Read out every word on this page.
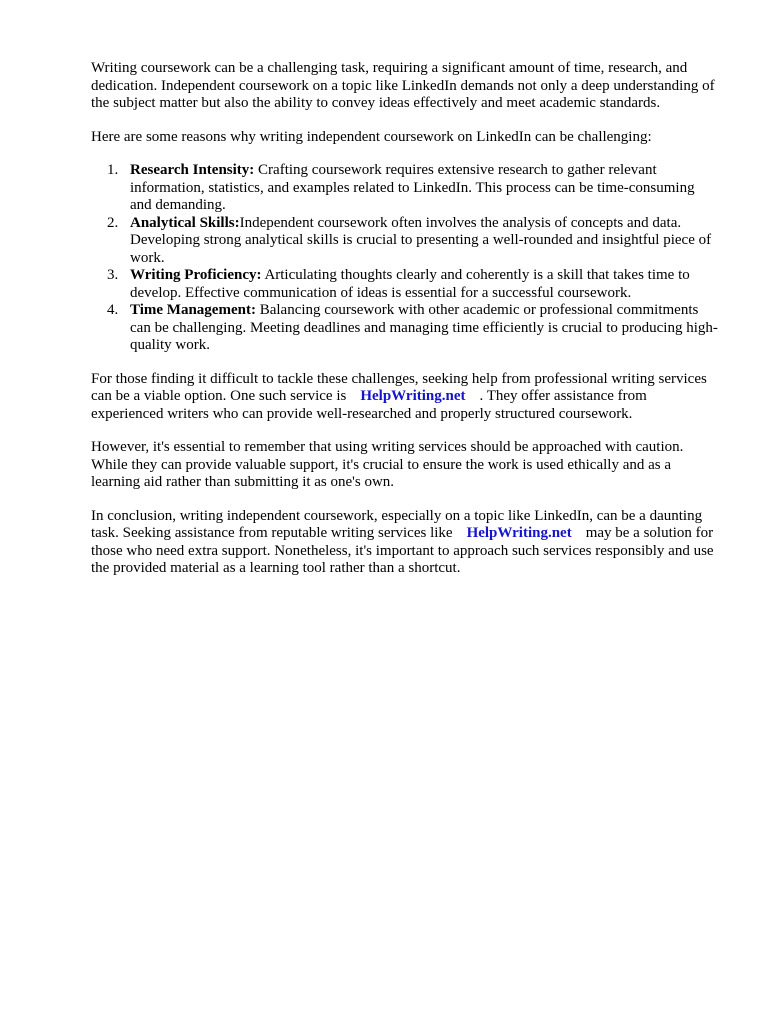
Writing coursework can be a challenging task, requiring a significant amount of time, research, and dedication. Independent coursework on a topic like LinkedIn demands not only a deep understanding of the subject matter but also the ability to convey ideas effectively and meet academic standards.

Here are some reasons why writing independent coursework on LinkedIn can be challenging:

1. Research Intensity: Crafting coursework requires extensive research to gather relevant information, statistics, and examples related to LinkedIn. This process can be time-consuming and demanding.
2. Analytical Skills:Independent coursework often involves the analysis of concepts and data. Developing strong analytical skills is crucial to presenting a well-rounded and insightful piece of work.
3. Writing Proficiency: Articulating thoughts clearly and coherently is a skill that takes time to develop. Effective communication of ideas is essential for a successful coursework.
4. Time Management: Balancing coursework with other academic or professional commitments can be challenging. Meeting deadlines and managing time efficiently is crucial to producing high-quality work.

For those finding it difficult to tackle these challenges, seeking help from professional writing services can be a viable option. One such service is HelpWriting.net . They offer assistance from experienced writers who can provide well-researched and properly structured coursework.

However, it's essential to remember that using writing services should be approached with caution. While they can provide valuable support, it's crucial to ensure the work is used ethically and as a learning aid rather than submitting it as one's own.

In conclusion, writing independent coursework, especially on a topic like LinkedIn, can be a daunting task. Seeking assistance from reputable writing services like HelpWriting.net may be a solution for those who need extra support. Nonetheless, it's important to approach such services responsibly and use the provided material as a learning tool rather than a shortcut.
